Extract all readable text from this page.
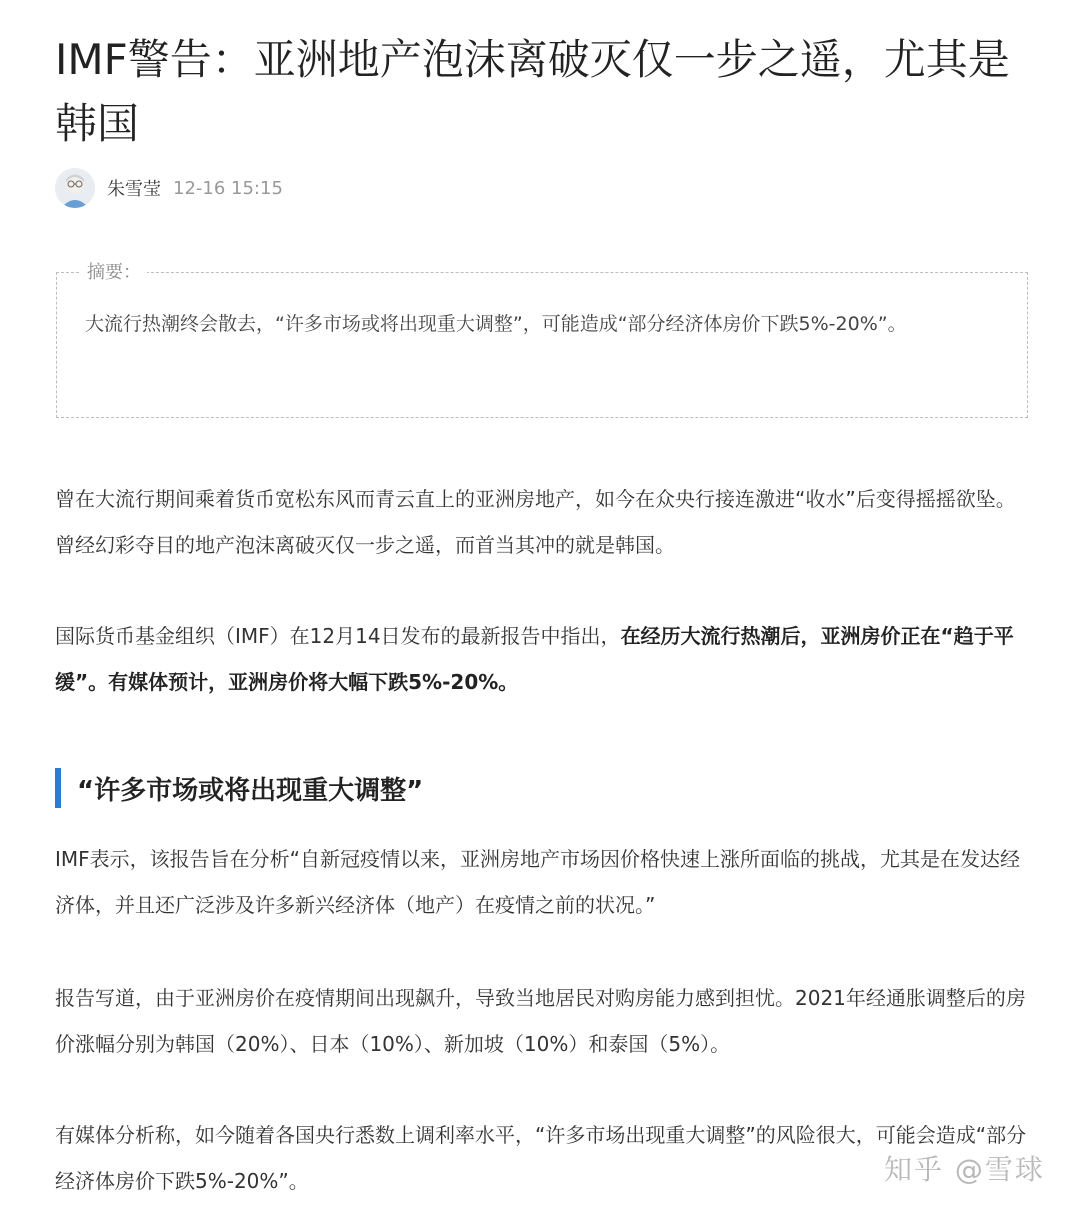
IMF警告：亚洲地产泡沫离破灭仅一步之遥，尤其是韩国
朱雪莹 12-16 15:15
摘要：
大流行热潮终会散去，“许多市场或将出现重大调整”，可能造成“部分经济体房价下跌5%-20%”。

曾在大流行期间乘着货币宽松东风而青云直上的亚洲房地产，如今在众央行接连激进“收水”后变得摇摇欲坠。曾经幻彩夺目的地产泡沫离破灭仅一步之遥，而首当其冲的就是韩国。

国际货币基金组织（IMF）在12月14日发布的最新报告中指出，在经历大流行热潮后，亚洲房价正在“趋于平缓”。有媒体预计，亚洲房价将大幅下跌5%-20%。

“许多市场或将出现重大调整”

IMF表示，该报告旨在分析“自新冠疫情以来，亚洲房地产市场因价格快速上涨所面临的挑战，尤其是在发达经济体，并且还广泛涉及许多新兴经济体（地产）在疫情之前的状况。”

报告写道，由于亚洲房价在疫情期间出现飙升，导致当地居民对购房能力感到担忧。2021年经通胀调整后的房价涨幅分别为韩国（20%）、日本（10%）、新加坡（10%）和泰国（5%）。

有媒体分析称，如今随着各国央行悉数上调利率水平，“许多市场出现重大调整”的风险很大，可能会造成“部分经济体房价下跌5%-20%”。	知乎 @雪球
